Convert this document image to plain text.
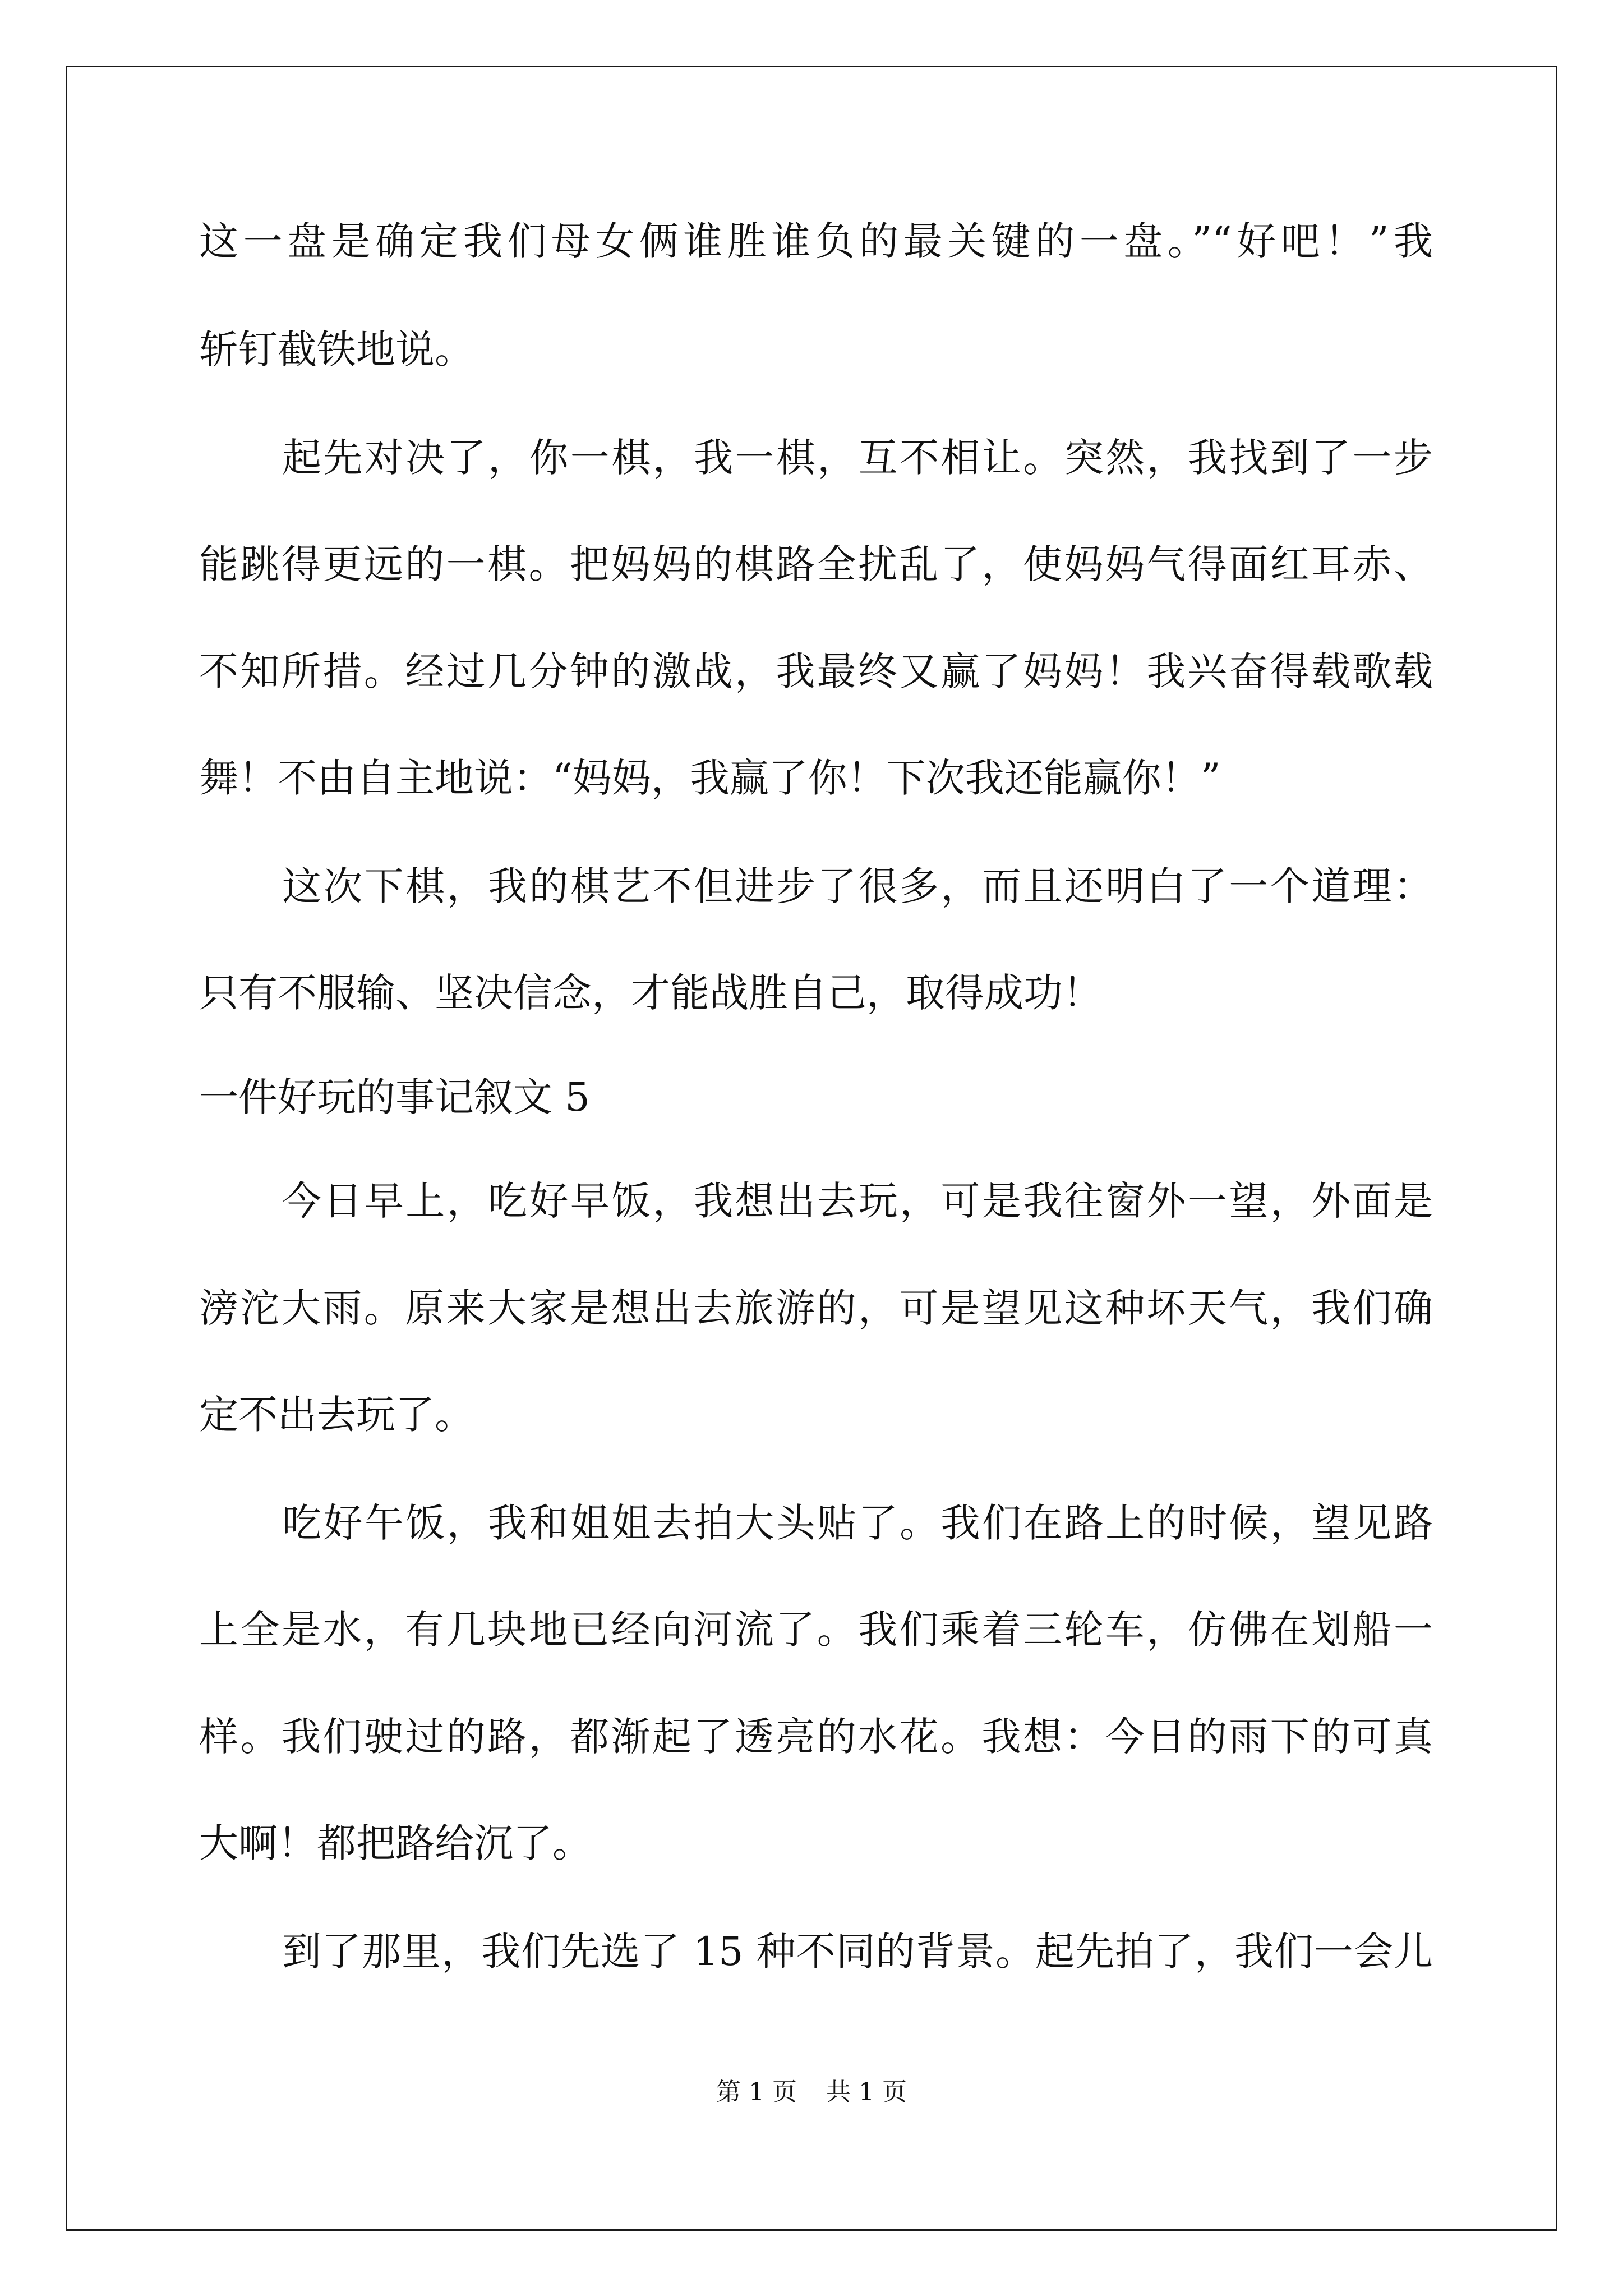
这一盘是确定我们母女俩谁胜谁负的最关键的一盘。”“好吧！”我
斩钉截铁地说。
起先对决了，你一棋，我一棋，互不相让。突然，我找到了一步
能跳得更远的一棋。把妈妈的棋路全扰乱了，使妈妈气得面红耳赤、
不知所措。经过几分钟的激战，我最终又赢了妈妈！我兴奋得载歌载
舞！不由自主地说：“妈妈，我赢了你！下次我还能赢你！”
这次下棋，我的棋艺不但进步了很多，而且还明白了一个道理：
只有不服输、坚决信念，才能战胜自己，取得成功！
一件好玩的事记叙文 5
今日早上，吃好早饭，我想出去玩，可是我往窗外一望，外面是
滂沱大雨。原来大家是想出去旅游的，可是望见这种坏天气，我们确
定不出去玩了。
吃好午饭，我和姐姐去拍大头贴了。我们在路上的时候，望见路
上全是水，有几块地已经向河流了。我们乘着三轮车，仿佛在划船一
样。我们驶过的路，都渐起了透亮的水花。我想：今日的雨下的可真
大啊！都把路给沉了。
到了那里，我们先选了 15 种不同的背景。起先拍了，我们一会儿
第 1 页 共 1 页
